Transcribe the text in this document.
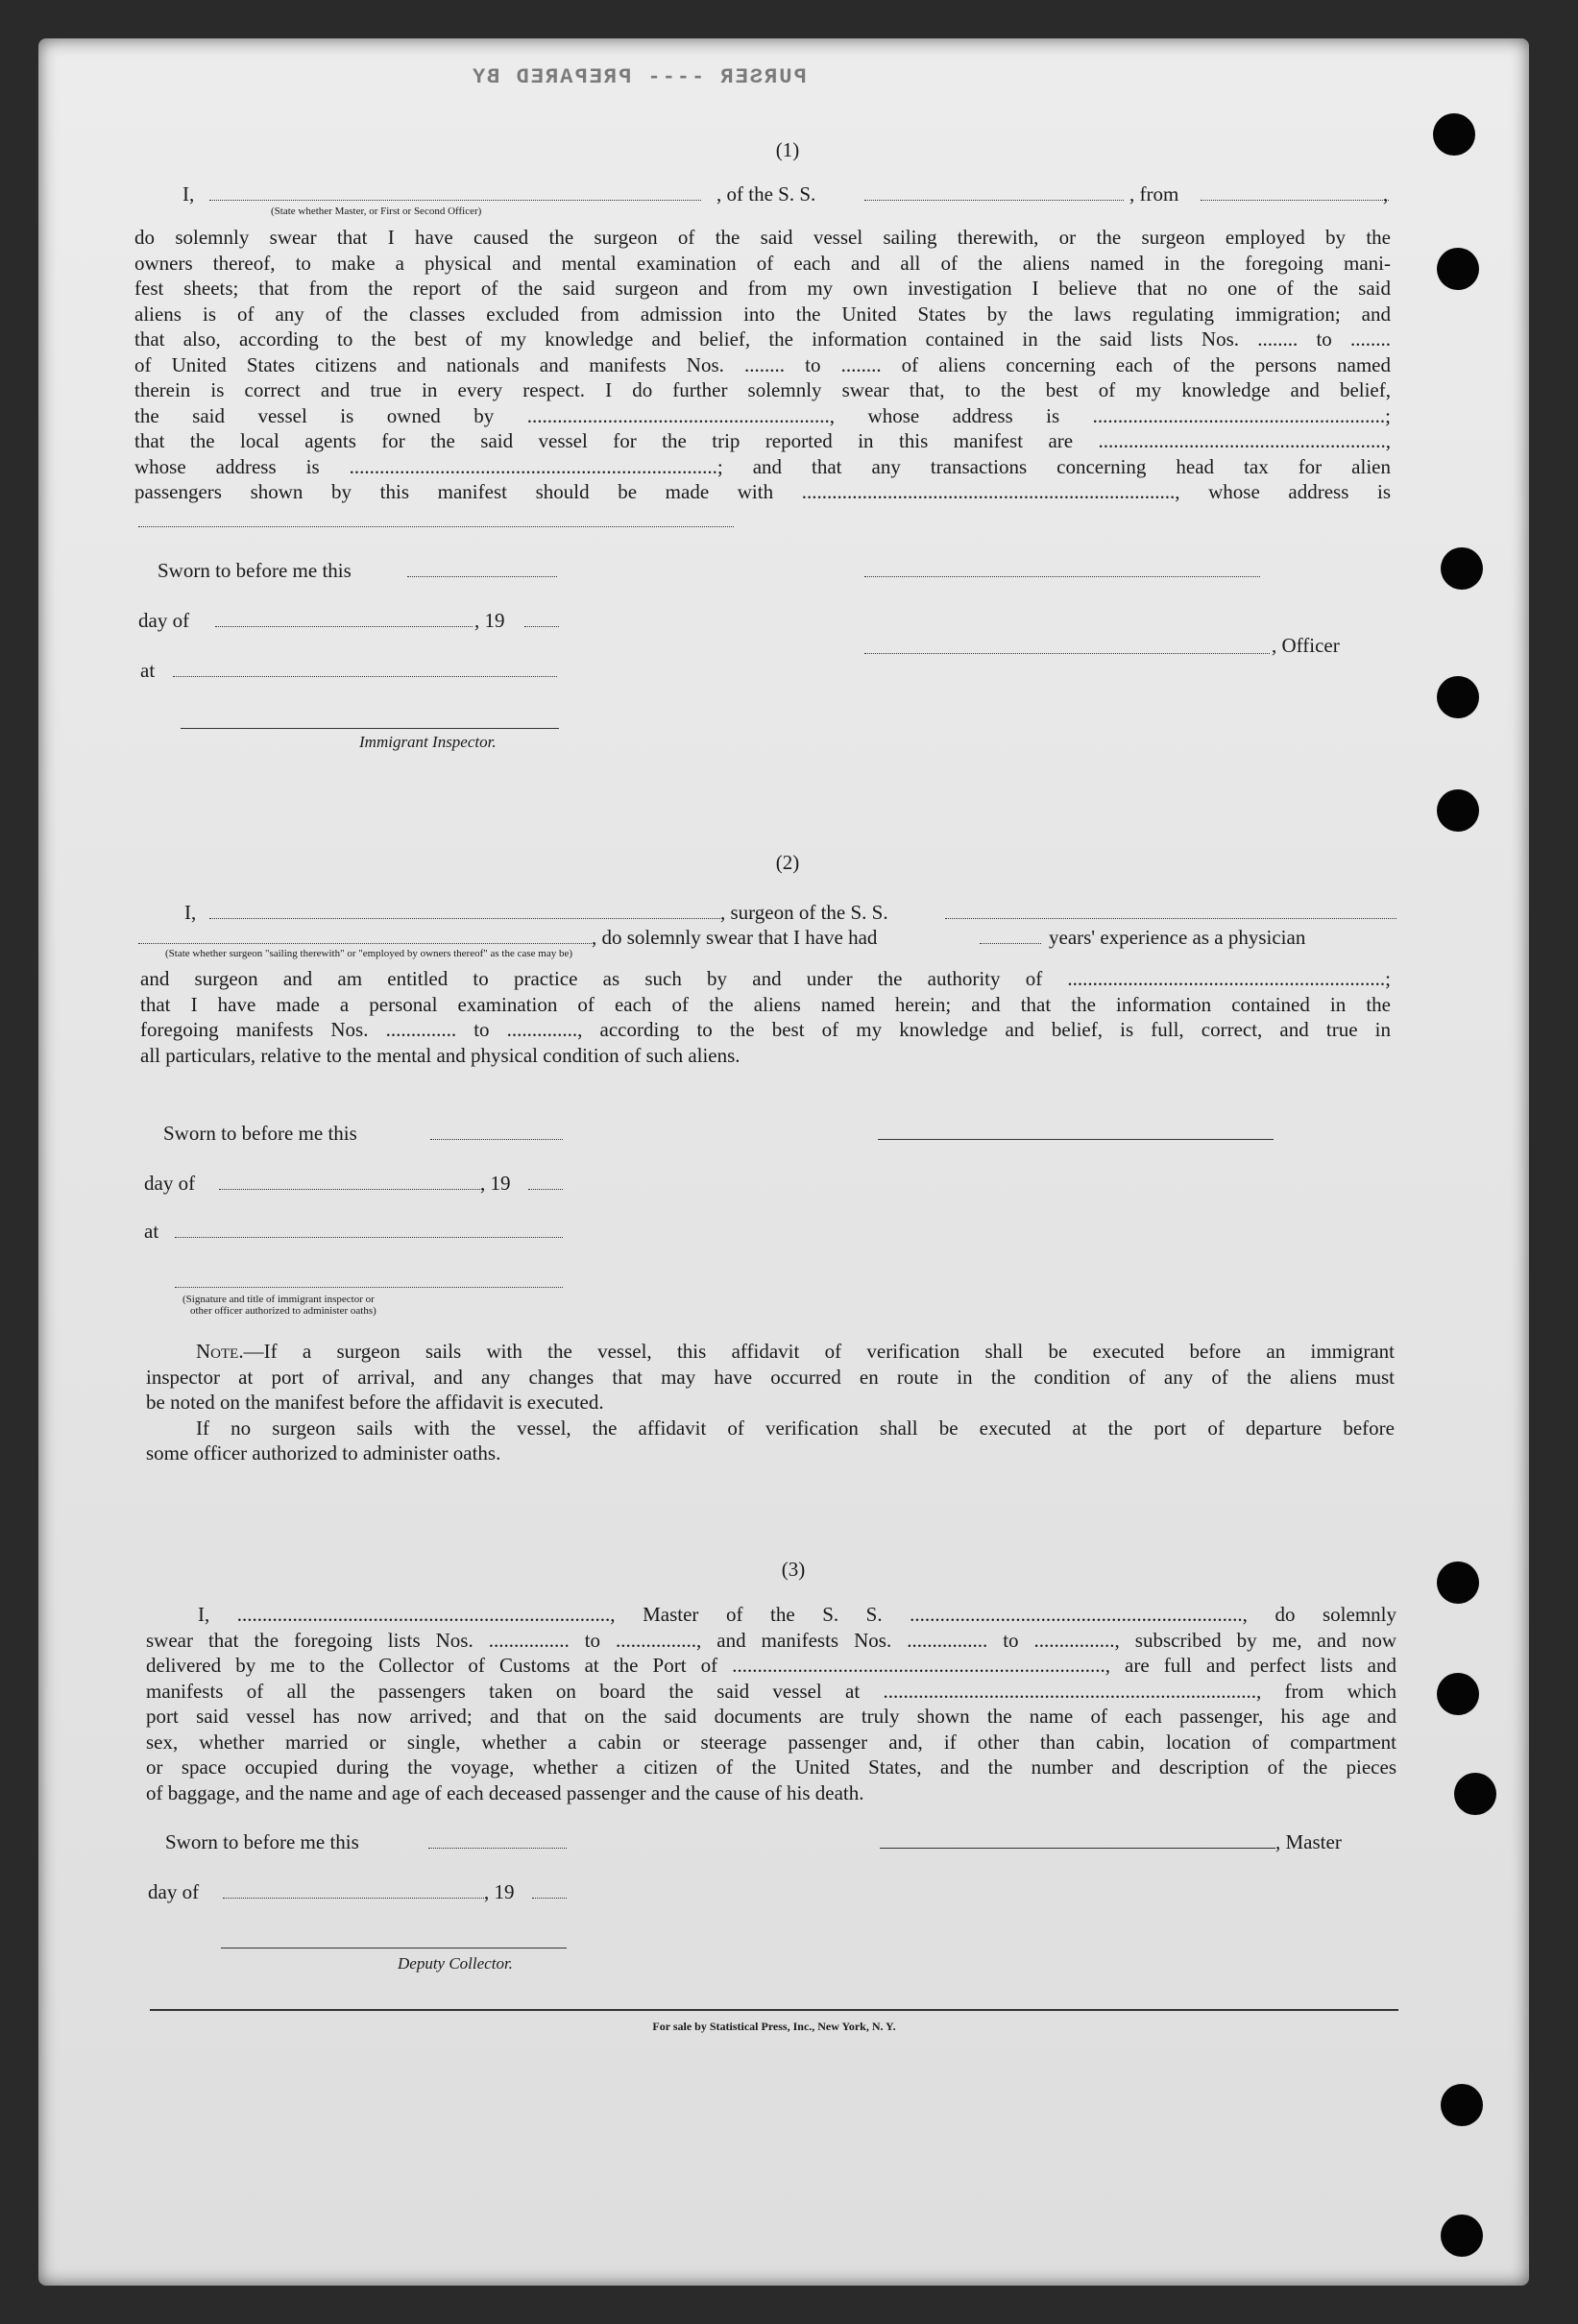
PURSER ---- PREPARED BY
(1)
I,
(State whether Master, or First or Second Officer)
, of the S. S.	, from	,
do solemnly swear that I have caused the surgeon of the said vessel sailing therewith, or the surgeon employed by the
owners thereof, to make a physical and mental examination of each and all of the aliens named in the foregoing mani-
fest sheets; that from the report of the said surgeon and from my own investigation I believe that no one of the said
aliens is of any of the classes excluded from admission into the United States by the laws regulating immigration; and
that also, according to the best of my knowledge and belief, the information contained in the said lists Nos. ........ to ........
of United States citizens and nationals and manifests Nos. ........ to ........ of aliens concerning each of the persons named
therein is correct and true in every respect. I do further solemnly swear that, to the best of my knowledge and belief,
the said vessel is owned by ............................................................, whose address is ..........................................................;
that the local agents for the said vessel for the trip reported in this manifest are .........................................................,
whose address is .........................................................................; and that any transactions concerning head tax for alien
passengers shown by this manifest should be made with .........................................................................., whose address is
Sworn to before me this
day of	, 19
, Officer
at
Immigrant Inspector.
(2)
I,	, surgeon of the S. S.
, do solemnly swear that I have had	years' experience as a physician
(State whether surgeon "sailing therewith" or "employed by owners thereof" as the case may be)
and surgeon and am entitled to practice as such by and under the authority of ...............................................................;
that I have made a personal examination of each of the aliens named herein; and that the information contained in the
foregoing manifests Nos. .............. to .............., according to the best of my knowledge and belief, is full, correct, and true in
all particulars, relative to the mental and physical condition of such aliens.
Sworn to before me this
day of	, 19
at
(Signature and title of immigrant inspector or
other officer authorized to administer oaths)
Note.—If a surgeon sails with the vessel, this affidavit of verification shall be executed before an immigrant
inspector at port of arrival, and any changes that may have occurred en route in the condition of any of the aliens must
be noted on the manifest before the affidavit is executed.
If no surgeon sails with the vessel, the affidavit of verification shall be executed at the port of departure before
some officer authorized to administer oaths.
(3)
I, .........................................................................., Master of the S. S. .................................................................., do solemnly
swear that the foregoing lists Nos. ................ to ................, and manifests Nos. ................ to ................, subscribed by me, and now
delivered by me to the Collector of Customs at the Port of .........................................................................., are full and perfect lists and
manifests of all the passengers taken on board the said vessel at .........................................................................., from which
port said vessel has now arrived; and that on the said documents are truly shown the name of each passenger, his age and
sex, whether married or single, whether a cabin or steerage passenger and, if other than cabin, location of compartment
or space occupied during the voyage, whether a citizen of the United States, and the number and description of the pieces
of baggage, and the name and age of each deceased passenger and the cause of his death.
Sworn to before me this	, Master
day of	, 19
Deputy Collector.
For sale by Statistical Press, Inc., New York, N. Y.
